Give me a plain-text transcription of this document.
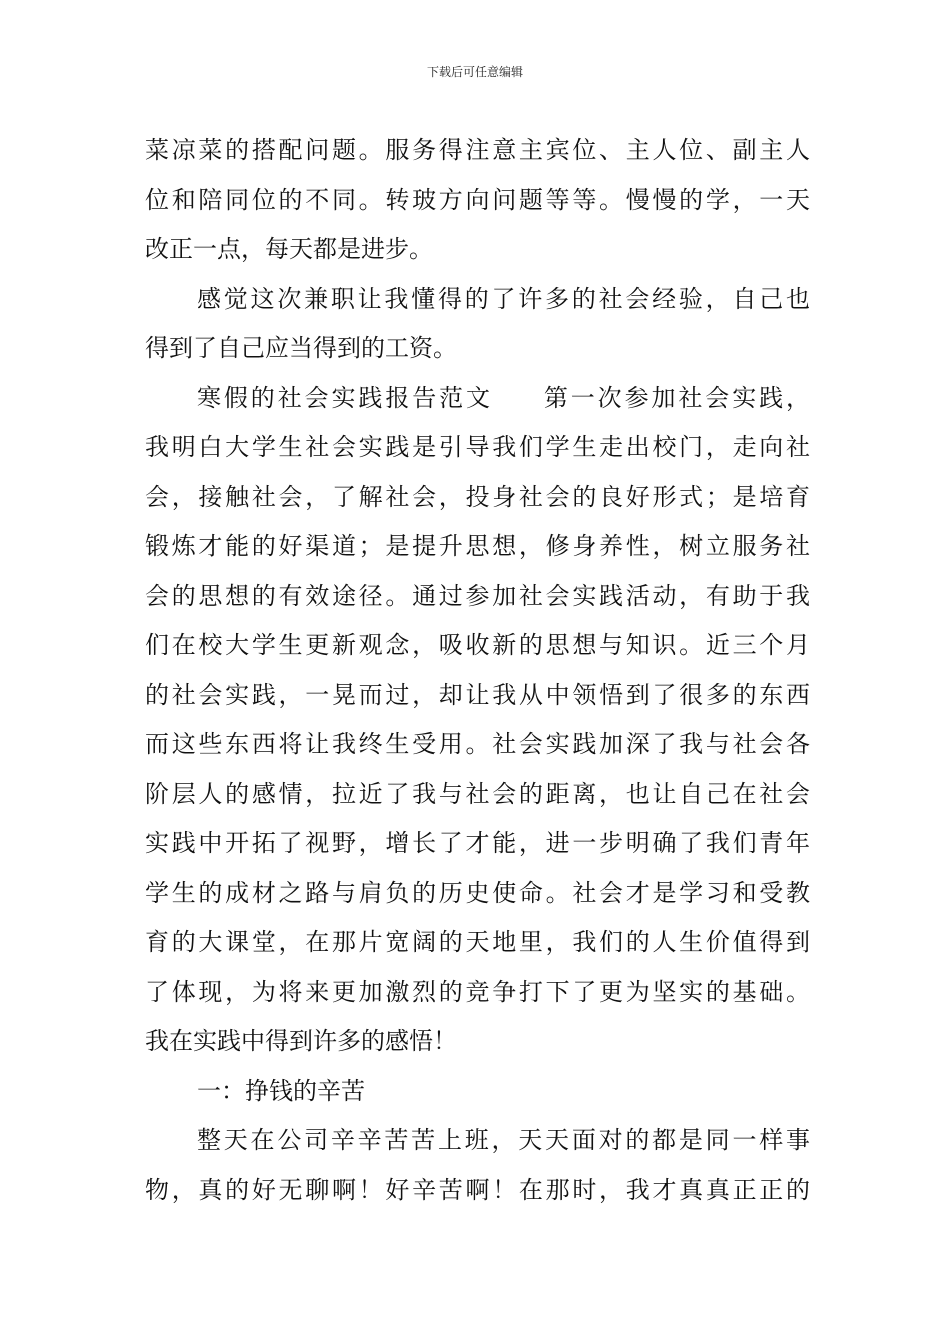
下载后可任意编辑
菜凉菜的搭配问题。服务得注意主宾位、主人位、副主人
位和陪同位的不同。转玻方向问题等等。慢慢的学，一天
改正一点，每天都是进步。
感觉这次兼职让我懂得的了许多的社会经验，自己也
得到了自己应当得到的工资。
寒假的社会实践报告范文 第一次参加社会实践，
我明白大学生社会实践是引导我们学生走出校门，走向社
会，接触社会，了解社会，投身社会的良好形式；是培育
锻炼才能的好渠道；是提升思想，修身养性，树立服务社
会的思想的有效途径。通过参加社会实践活动，有助于我
们在校大学生更新观念，吸收新的思想与知识。近三个月
的社会实践，一晃而过，却让我从中领悟到了很多的东西
而这些东西将让我终生受用。社会实践加深了我与社会各
阶层人的感情，拉近了我与社会的距离，也让自己在社会
实践中开拓了视野，增长了才能，进一步明确了我们青年
学生的成材之路与肩负的历史使命。社会才是学习和受教
育的大课堂，在那片宽阔的天地里，我们的人生价值得到
了体现，为将来更加激烈的竞争打下了更为坚实的基础。
我在实践中得到许多的感悟！
一：挣钱的辛苦
整天在公司辛辛苦苦上班，天天面对的都是同一样事
物，真的好无聊啊！好辛苦啊！在那时，我才真真正正的
